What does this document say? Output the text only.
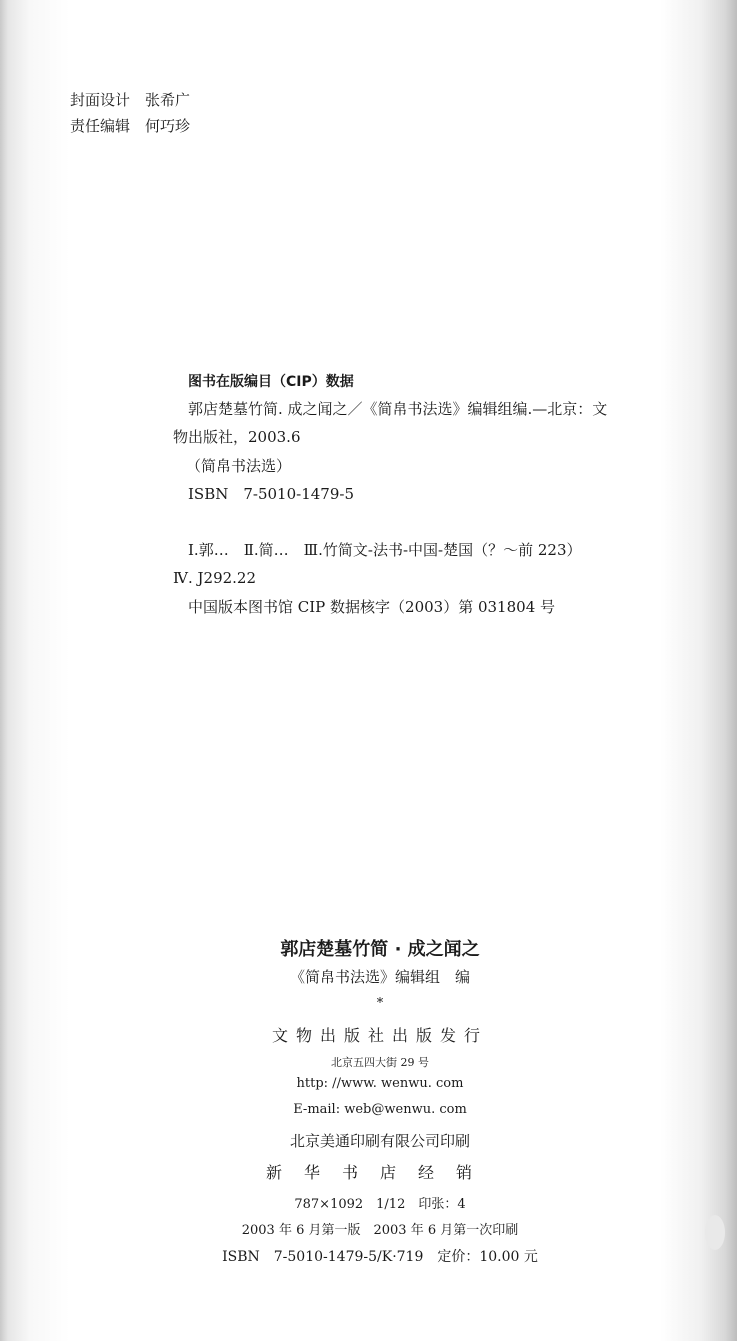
封面设计　张希广
责任编辑　何巧珍
图书在版编目（CIP）数据
郭店楚墓竹简. 成之闻之／《简帛书法选》编辑组编.—北京：文
物出版社，2003.6
（简帛书法选）
ISBN　7-5010-1479-5
Ⅰ.郭…　Ⅱ.简…　Ⅲ.竹简文-法书-中国-楚国（？～前 223）
Ⅳ. J292.22
中国版本图书馆 CIP 数据核字（2003）第 031804 号
郭店楚墓竹简 · 成之闻之
《简帛书法选》编辑组　编
*
文物出版社出版发行
北京五四大街 29 号
http: //www. wenwu. com
E-mail: web@wenwu. com
北京美通印刷有限公司印刷
新华书店经销
787×1092　1/12　印张：4
2003 年 6 月第一版　2003 年 6 月第一次印刷
ISBN　7-5010-1479-5/K·719　定价：10.00 元
